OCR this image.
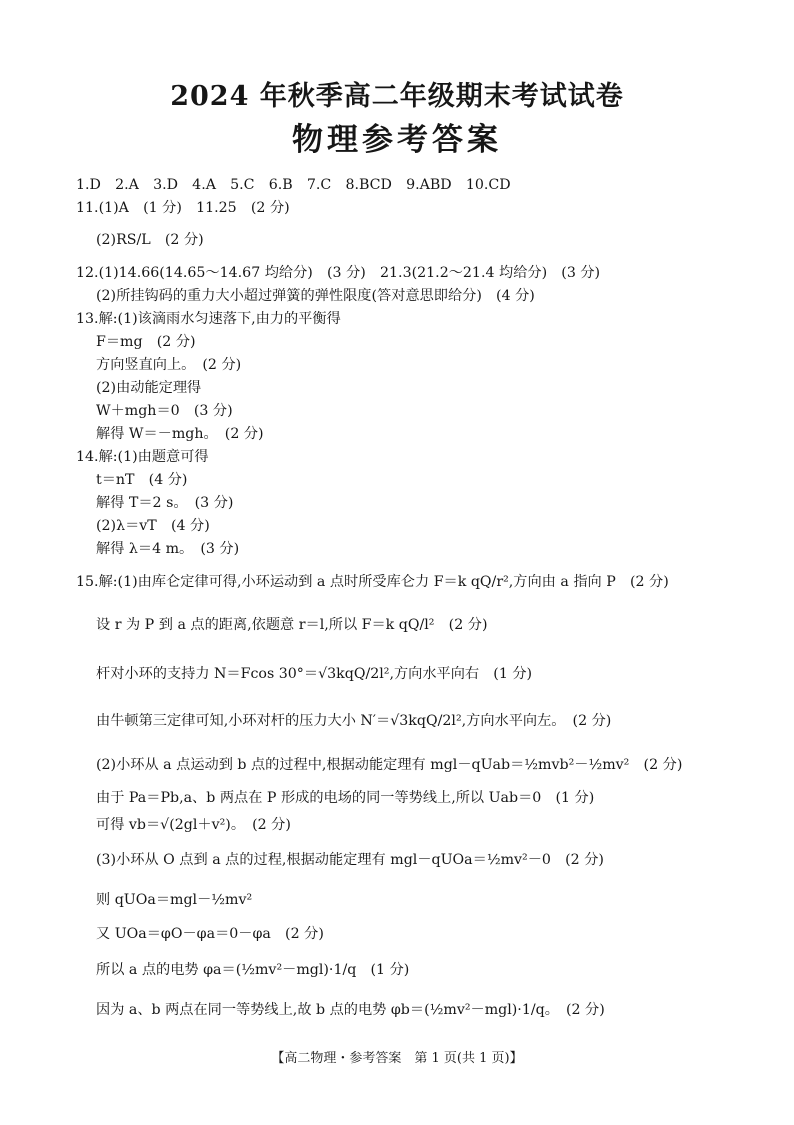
2024 年秋季高二年级期末考试试卷
物理参考答案
1.D　2.A　3.D　4.A　5.C　6.B　7.C　8.BCD　9.ABD　10.CD
11.(1)A　(1 分)　11.25　(2 分)
(2)RS/L　(2 分)
12.(1)14.66(14.65～14.67 均给分)　(3 分)　21.3(21.2～21.4 均给分)　(3 分)
(2)所挂钩码的重力大小超过弹簧的弹性限度(答对意思即给分)　(4 分)
13.解:(1)该滴雨水匀速落下,由力的平衡得
F＝mg　(2 分)
方向竖直向上。　(2 分)
(2)由动能定理得
W＋mgh＝0　(3 分)
解得 W＝－mgh。　(2 分)
14.解:(1)由题意可得
t＝nT　(4 分)
解得 T＝2 s。　(3 分)
(2)λ＝vT　(4 分)
解得 λ＝4 m。　(3 分)
15.解:(1)由库仑定律可得,小环运动到 a 点时所受库仑力 F＝k qQ/r²,方向由 a 指向 P　(2 分)
设 r 为 P 到 a 点的距离,依题意 r＝l,所以 F＝k qQ/l²　(2 分)
杆对小环的支持力 N＝Fcos 30°＝√3kqQ/2l²,方向水平向右　(1 分)
由牛顿第三定律可知,小环对杆的压力大小 N′＝√3kqQ/2l²,方向水平向左。　(2 分)
(2)小环从 a 点运动到 b 点的过程中,根据动能定理有 mgl－qUab＝½mvb²－½mv²　(2 分)
由于 Pa＝Pb,a、b 两点在 P 形成的电场的同一等势线上,所以 Uab＝0　(1 分)
可得 vb＝√(2gl＋v²)。　(2 分)
(3)小环从 O 点到 a 点的过程,根据动能定理有 mgl－qUOa＝½mv²－0　(2 分)
则 qUOa＝mgl－½mv²
又 UOa＝φO－φa＝0－φa　(2 分)
所以 a 点的电势 φa＝(½mv²－mgl)·1/q　(1 分)
因为 a、b 两点在同一等势线上,故 b 点的电势 φb＝(½mv²－mgl)·1/q。　(2 分)
【高二物理・参考答案　第 1 页(共 1 页)】
